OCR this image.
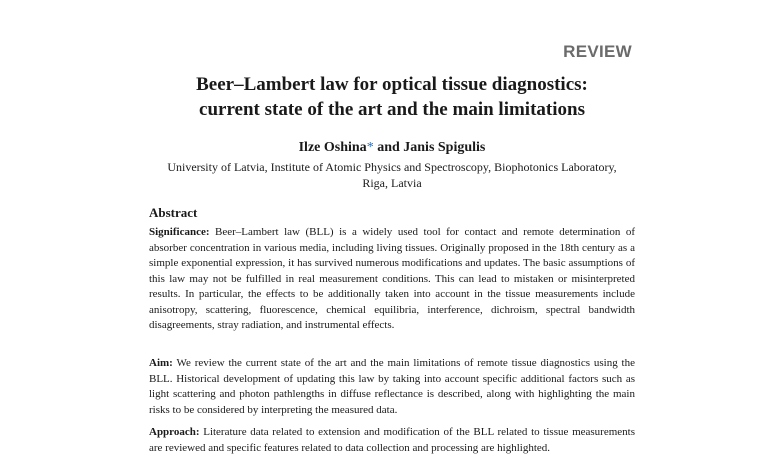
REVIEW
Beer–Lambert law for optical tissue diagnostics:
current state of the art and the main limitations
Ilze Oshina* and Janis Spigulis
University of Latvia, Institute of Atomic Physics and Spectroscopy, Biophotonics Laboratory,
Riga, Latvia
Abstract

Significance: Beer–Lambert law (BLL) is a widely used tool for contact and remote determination of absorber concentration in various media, including living tissues. Originally proposed in the 18th century as a simple exponential expression, it has survived numerous modifications and updates. The basic assumptions of this law may not be fulfilled in real measurement conditions. This can lead to mistaken or misinterpreted results. In particular, the effects to be additionally taken into account in the tissue measurements include anisotropy, scattering, fluorescence, chemical equilibria, interference, dichroism, spectral bandwidth disagreements, stray radiation, and instrumental effects.

Aim: We review the current state of the art and the main limitations of remote tissue diagnostics using the BLL. Historical development of updating this law by taking into account specific additional factors such as light scattering and photon pathlengths in diffuse reflectance is described, along with highlighting the main risks to be considered by interpreting the measured data.

Approach: Literature data related to extension and modification of the BLL related to tissue measurements are reviewed and specific features related to data collection and processing are highlighted.
